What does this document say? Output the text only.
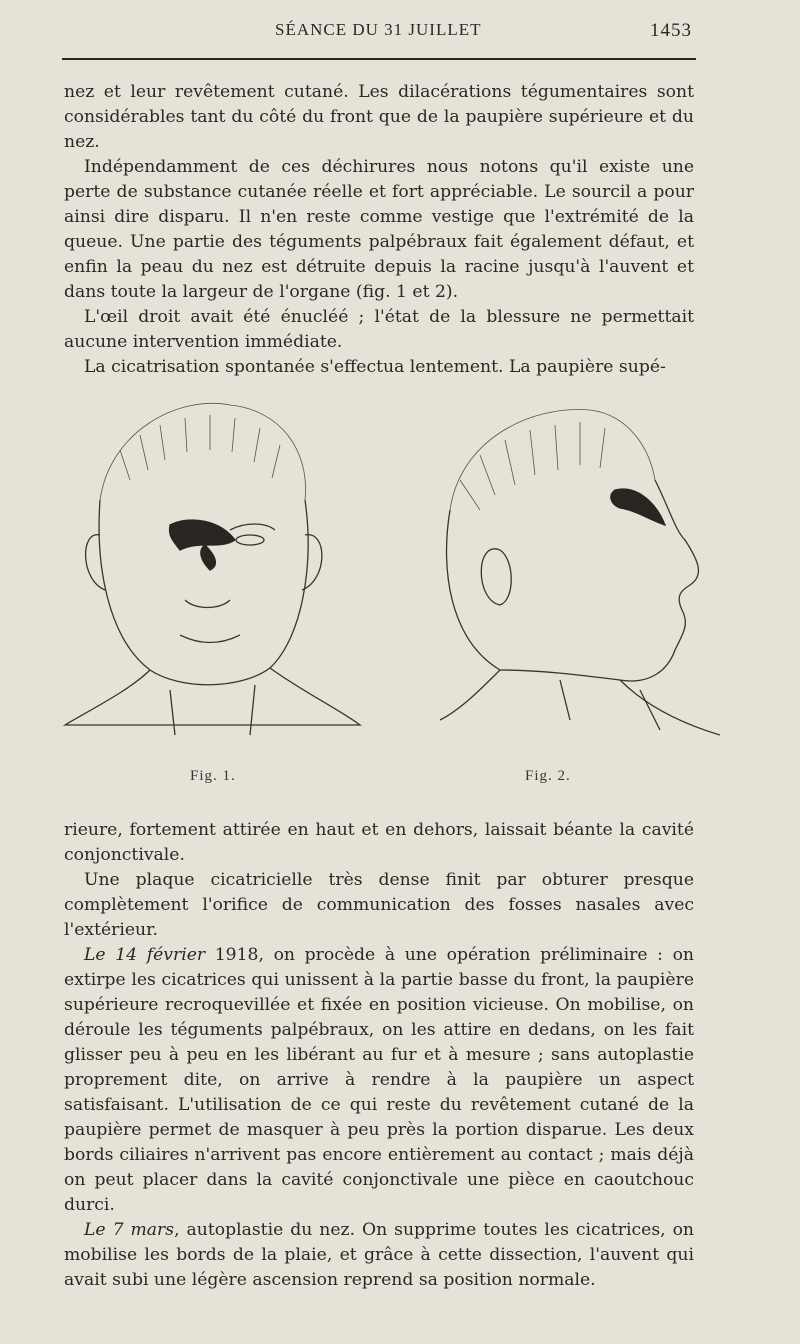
SÉANCE DU 31 JUILLET	1453

nez et leur revêtement cutané. Les dilacérations tégumentaires sont considérables tant du côté du front que de la paupière supérieure et du nez.

Indépendamment de ces déchirures nous notons qu'il existe une perte de substance cutanée réelle et fort appréciable. Le sourcil a pour ainsi dire disparu. Il n'en reste comme vestige que l'extrémité de la queue. Une partie des téguments palpébraux fait également défaut, et enfin la peau du nez est détruite depuis la racine jusqu'à l'auvent et dans toute la largeur de l'organe (fig. 1 et 2).

L'œil droit avait été énucléé ; l'état de la blessure ne permettait aucune intervention immédiate.

La cicatrisation spontanée s'effectua lentement. La paupière supé-

Fig. 1.	Fig. 2.

rieure, fortement attirée en haut et en dehors, laissait béante la cavité conjonctivale.

Une plaque cicatricielle très dense finit par obturer presque complètement l'orifice de communication des fosses nasales avec l'extérieur.

Le 14 février 1918, on procède à une opération préliminaire : on extirpe les cicatrices qui unissent à la partie basse du front, la paupière supérieure recroquevillée et fixée en position vicieuse. On mobilise, on déroule les téguments palpébraux, on les attire en dedans, on les fait glisser peu à peu en les libérant au fur et à mesure ; sans autoplastie proprement dite, on arrive à rendre à la paupière un aspect satisfaisant. L'utilisation de ce qui reste du revêtement cutané de la paupière permet de masquer à peu près la portion disparue. Les deux bords ciliaires n'arrivent pas encore entièrement au contact ; mais déjà on peut placer dans la cavité conjonctivale une pièce en caoutchouc durci.

Le 7 mars, autoplastie du nez. On supprime toutes les cicatrices, on mobilise les bords de la plaie, et grâce à cette dissection, l'auvent qui avait subi une légère ascension reprend sa position normale.
